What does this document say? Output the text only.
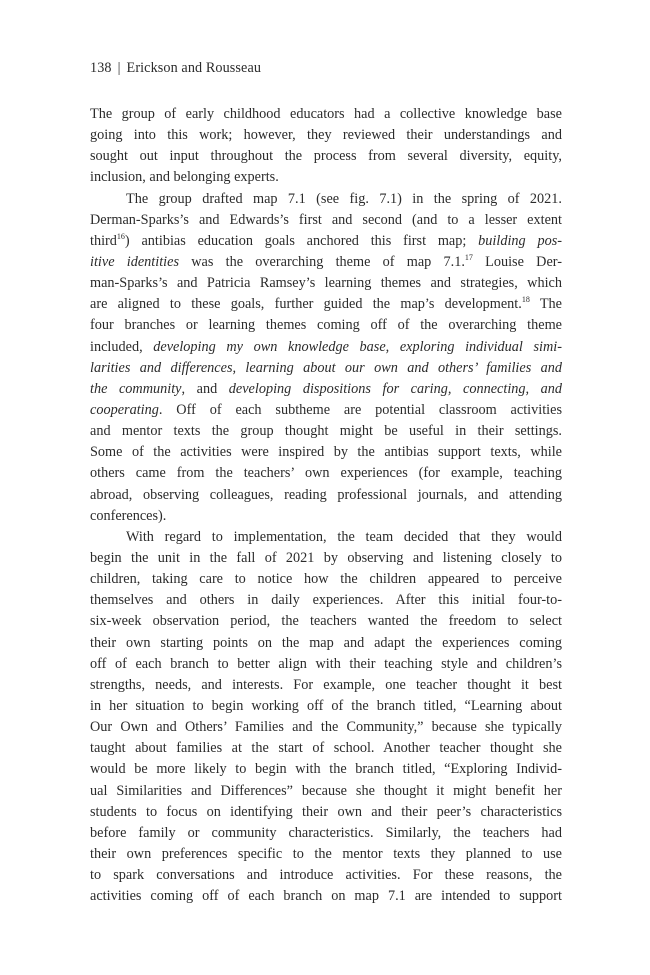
138 | Erickson and Rousseau
The group of early childhood educators had a collective knowledge base
going into this work; however, they reviewed their understandings and
sought out input throughout the process from several diversity, equity,
inclusion, and belonging experts.
The group drafted map 7.1 (see fig. 7.1) in the spring of 2021.
Derman-Sparks’s and Edwards’s first and second (and to a lesser extent
third$^{16}$) antibias education goals anchored this first map; building pos-
itive identities was the overarching theme of map 7.1.17 Louise Der-
man-Sparks’s and Patricia Ramsey’s learning themes and strategies, which
are aligned to these goals, further guided the map’s development.$^{18}$ The
four branches or learning themes coming off of the overarching theme
included, developing my own knowledge base, exploring individual simi-
larities and differences, learning about our own and others’ families and
the community, and developing dispositions for caring, connecting, and
cooperating. Off of each subtheme are potential classroom activities
and mentor texts the group thought might be useful in their settings.
Some of the activities were inspired by the antibias support texts, while
others came from the teachers’ own experiences (for example, teaching
abroad, observing colleagues, reading professional journals, and attending
conferences).
With regard to implementation, the team decided that they would
begin the unit in the fall of 2021 by observing and listening closely to
children, taking care to notice how the children appeared to perceive
themselves and others in daily experiences. After this initial four-to-
six-week observation period, the teachers wanted the freedom to select
their own starting points on the map and adapt the experiences coming
off of each branch to better align with their teaching style and children’s
strengths, needs, and interests. For example, one teacher thought it best
in her situation to begin working off of the branch titled, “Learning about
Our Own and Others’ Families and the Community,” because she typically
taught about families at the start of school. Another teacher thought she
would be more likely to begin with the branch titled, “Exploring Individ-
ual Similarities and Differences” because she thought it might benefit her
students to focus on identifying their own and their peer’s characteristics
before family or community characteristics. Similarly, the teachers had
their own preferences specific to the mentor texts they planned to use
to spark conversations and introduce activities. For these reasons, the
activities coming off of each branch on map 7.1 are intended to support
